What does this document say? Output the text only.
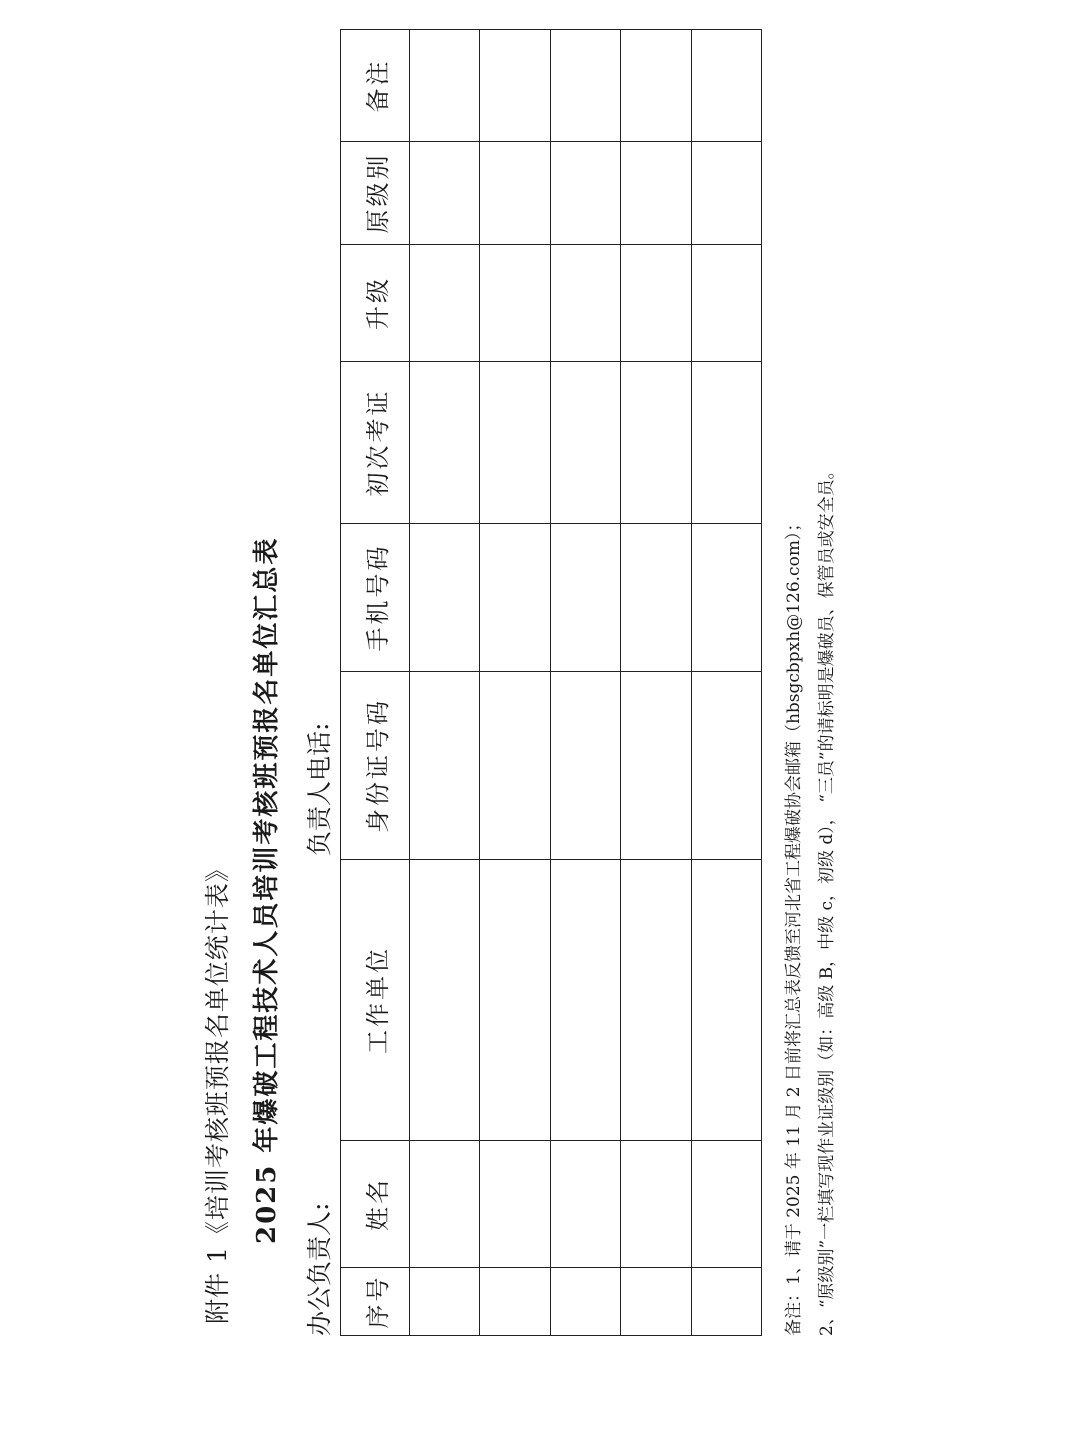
附件 1《培训考核班预报名单位统计表》 2025 年爆破工程技术人员培训考核班预报名单位汇总表
办公负责人:
负责人电话:
序号	姓名	工作单位	身份证号码	手机号码	初次考证	升级	原级别	备注

备注：1、请于 2025 年 11 月 2 日前将汇总表反馈至河北省工程爆破协会邮箱（hbsgcbpxh@126.com）； 2、“原级别”一栏填写现作业证级别（如：高级 B，中级 c，初级 d）， “三员”的请标明是爆破员、保管员或安全员。
